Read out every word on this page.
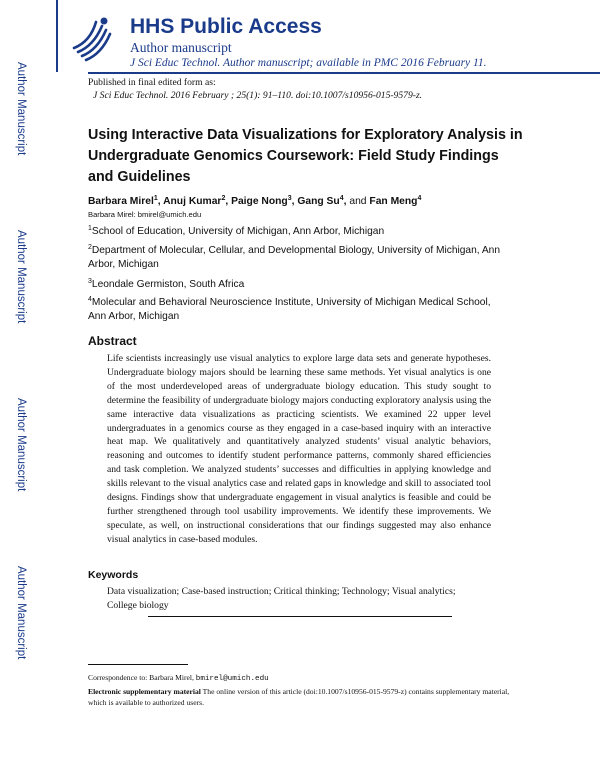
Author Manuscript
Author Manuscript
Author Manuscript
Author Manuscript
HHS Public Access
Author manuscript
J Sci Educ Technol. Author manuscript; available in PMC 2016 February 11.
Published in final edited form as:
J Sci Educ Technol. 2016 February ; 25(1): 91–110. doi:10.1007/s10956-015-9579-z.
Using Interactive Data Visualizations for Exploratory Analysis in Undergraduate Genomics Coursework: Field Study Findings and Guidelines
Barbara Mirel$^1$, Anuj Kumar$^2$, Paige Nong$^3$, Gang Su$^4$, and Fan Meng$^4$
Barbara Mirel: bmirel@umich.edu
$^1$School of Education, University of Michigan, Ann Arbor, Michigan
$^2$Department of Molecular, Cellular, and Developmental Biology, University of Michigan, Ann Arbor, Michigan
$^3$Leondale Germiston, South Africa
$^4$Molecular and Behavioral Neuroscience Institute, University of Michigan Medical School, Ann Arbor, Michigan
Abstract

Life scientists increasingly use visual analytics to explore large data sets and generate hypotheses. Undergraduate biology majors should be learning these same methods. Yet visual analytics is one of the most underdeveloped areas of undergraduate biology education. This study sought to determine the feasibility of undergraduate biology majors conducting exploratory analysis using the same interactive data visualizations as practicing scientists. We examined 22 upper level undergraduates in a genomics course as they engaged in a case-based inquiry with an interactive heat map. We qualitatively and quantitatively analyzed students’ visual analytic behaviors, reasoning and outcomes to identify student performance patterns, commonly shared efficiencies and task completion. We analyzed students’ successes and difficulties in applying knowledge and skills relevant to the visual analytics case and related gaps in knowledge and skill to associated tool designs. Findings show that undergraduate engagement in visual analytics is feasible and could be further strengthened through tool usability improvements. We identify these improvements. We speculate, as well, on instructional considerations that our findings suggested may also enhance visual analytics in case-based modules.

Keywords
Data visualization; Case-based instruction; Critical thinking; Technology; Visual analytics; College biology
Correspondence to: Barbara Mirel, bmirel@umich.edu
Electronic supplementary material The online version of this article (doi:10.1007/s10956-015-9579-z) contains supplementary material, which is available to authorized users.
